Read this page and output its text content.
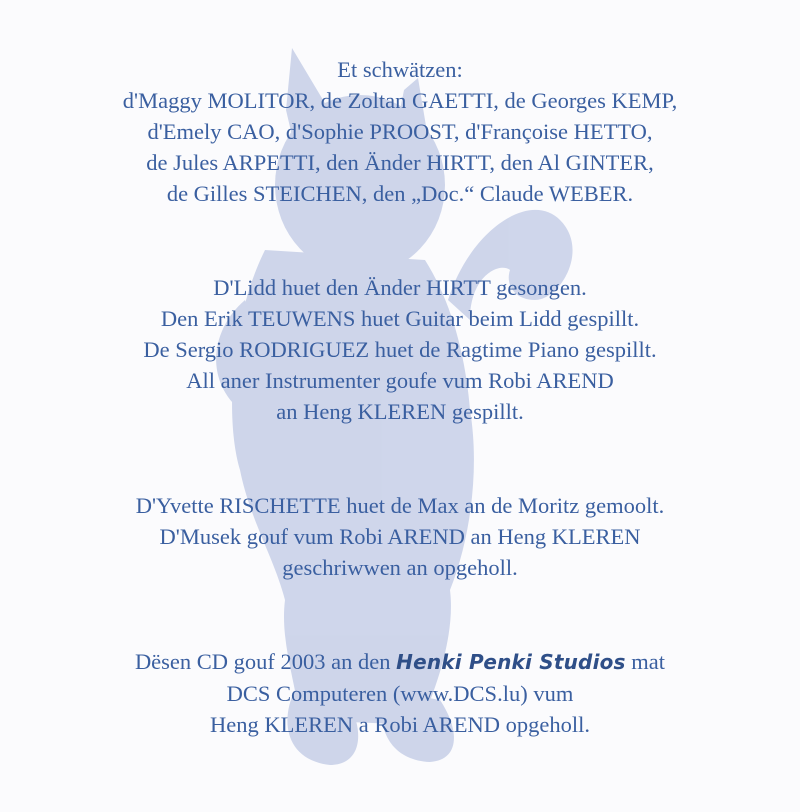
Et schwätzen:
d'Maggy MOLITOR, de Zoltan GAETTI, de Georges KEMP,
d'Emely CAO, d'Sophie PROOST, d'Françoise HETTO,
de Jules ARPETTI, den Änder HIRTT, den Al GINTER,
de Gilles STEICHEN, den „Doc.“ Claude WEBER.
D'Lidd huet den Änder HIRTT gesongen.
Den Erik TEUWENS huet Guitar beim Lidd gespillt.
De Sergio RODRIGUEZ huet de Ragtime Piano gespillt.
All aner Instrumenter goufe vum Robi AREND
an Heng KLEREN gespillt.
D'Yvette RISCHETTE huet de Max an de Moritz gemoolt.
D'Musek gouf vum Robi AREND an Heng KLEREN
geschriwwen an opgeholl.
Dësen CD gouf 2003 an den Henki Penki Studios mat
DCS Computeren (www.DCS.lu) vum
Heng KLEREN a Robi AREND opgeholl.
